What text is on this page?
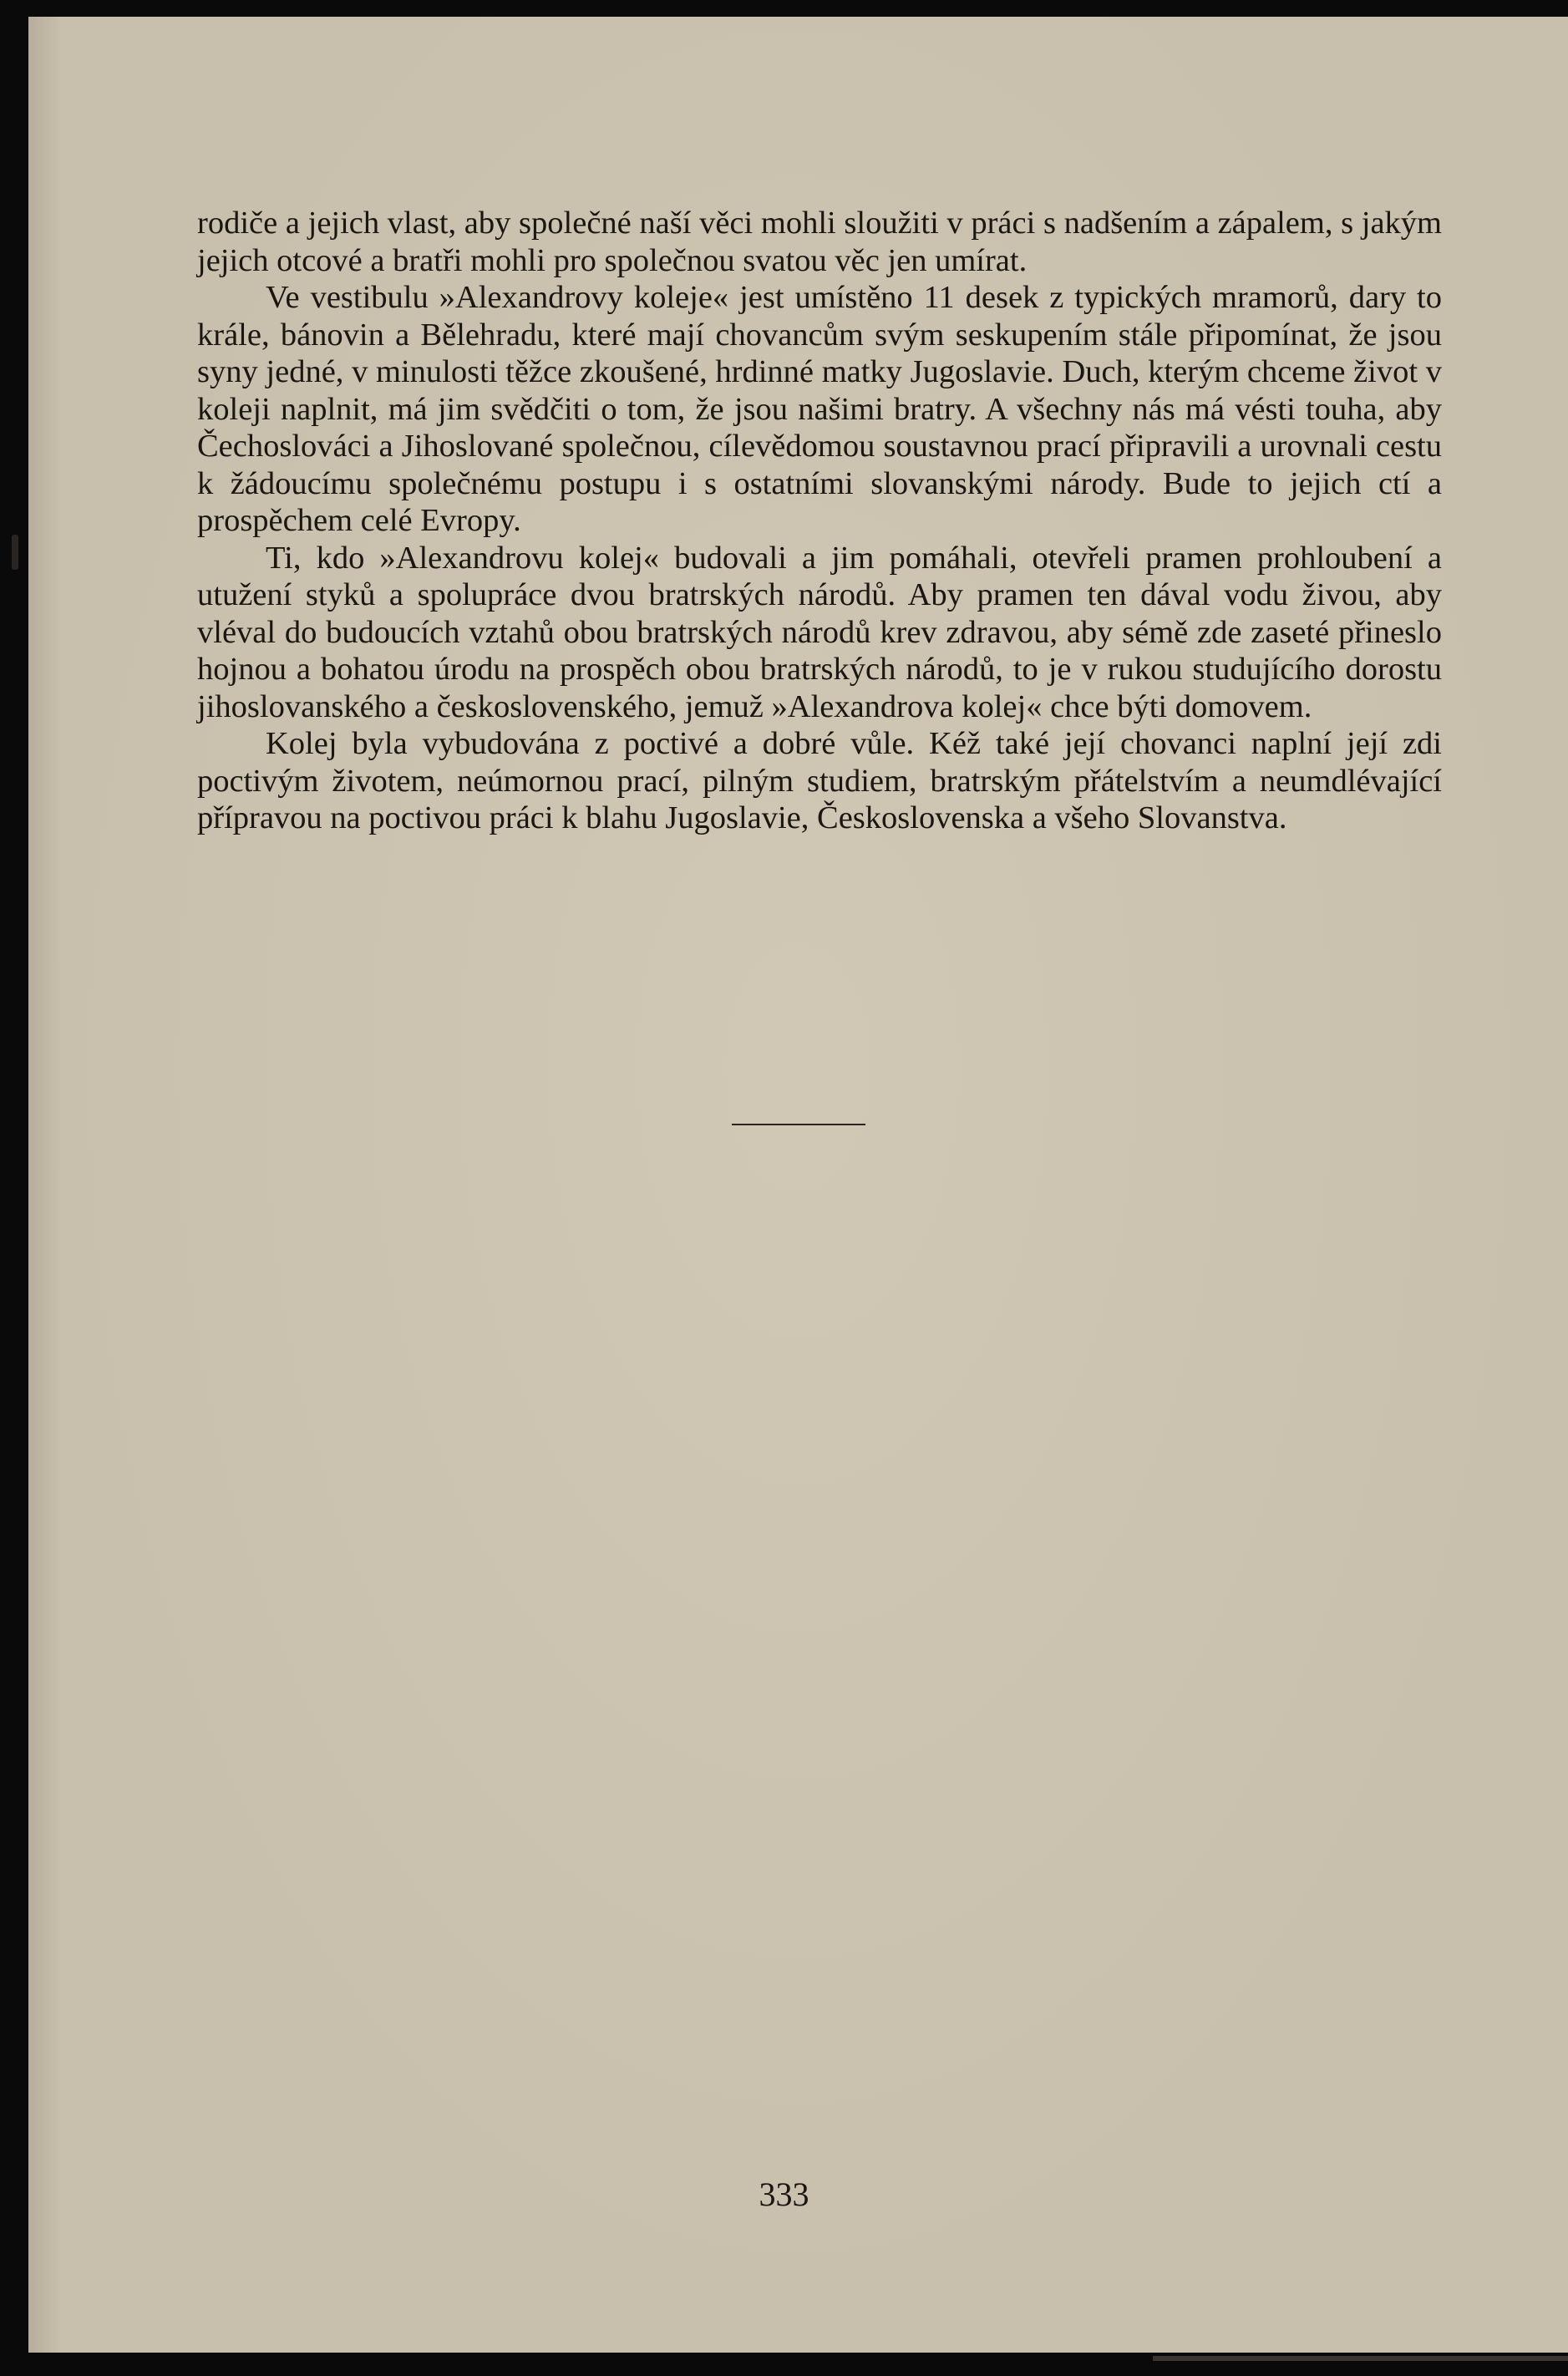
rodiče a jejich vlast, aby společné naší věci mohli sloužiti v práci s nadšením a zápalem, s jakým jejich otcové a bratři mohli pro společnou svatou věc jen umírat.

Ve vestibulu »Alexandrovy koleje« jest umístěno 11 desek z typických mramorů, dary to krále, bánovin a Bělehradu, které mají chovancům svým seskupením stále připomínat, že jsou syny jedné, v minulosti těžce zkoušené, hrdinné matky Jugoslavie. Duch, kterým chceme život v koleji naplnit, má jim svědčiti o tom, že jsou našimi bratry. A všechny nás má vésti touha, aby Čechoslováci a Jihoslované společnou, cílevědomou soustavnou prací připravili a urovnali cestu k žádoucímu společnému postupu i s ostatními slovanskými národy. Bude to jejich ctí a prospěchem celé Evropy.

Ti, kdo »Alexandrovu kolej« budovali a jim pomáhali, otevřeli pramen prohloubení a utužení styků a spolupráce dvou bratrských národů. Aby pramen ten dával vodu živou, aby vléval do budoucích vztahů obou bratrských národů krev zdravou, aby sémě zde zaseté přineslo hojnou a bohatou úrodu na prospěch obou bratrských národů, to je v rukou studujícího dorostu jihoslovanského a československého, jemuž »Alexandrova kolej« chce býti domovem.

Kolej byla vybudována z poctivé a dobré vůle. Kéž také její chovanci naplní její zdi poctivým životem, neúmornou prací, pilným studiem, bratrským přátelstvím a neumdlévající přípravou na poctivou práci k blahu Jugoslavie, Československa a všeho Slovanstva.

333
